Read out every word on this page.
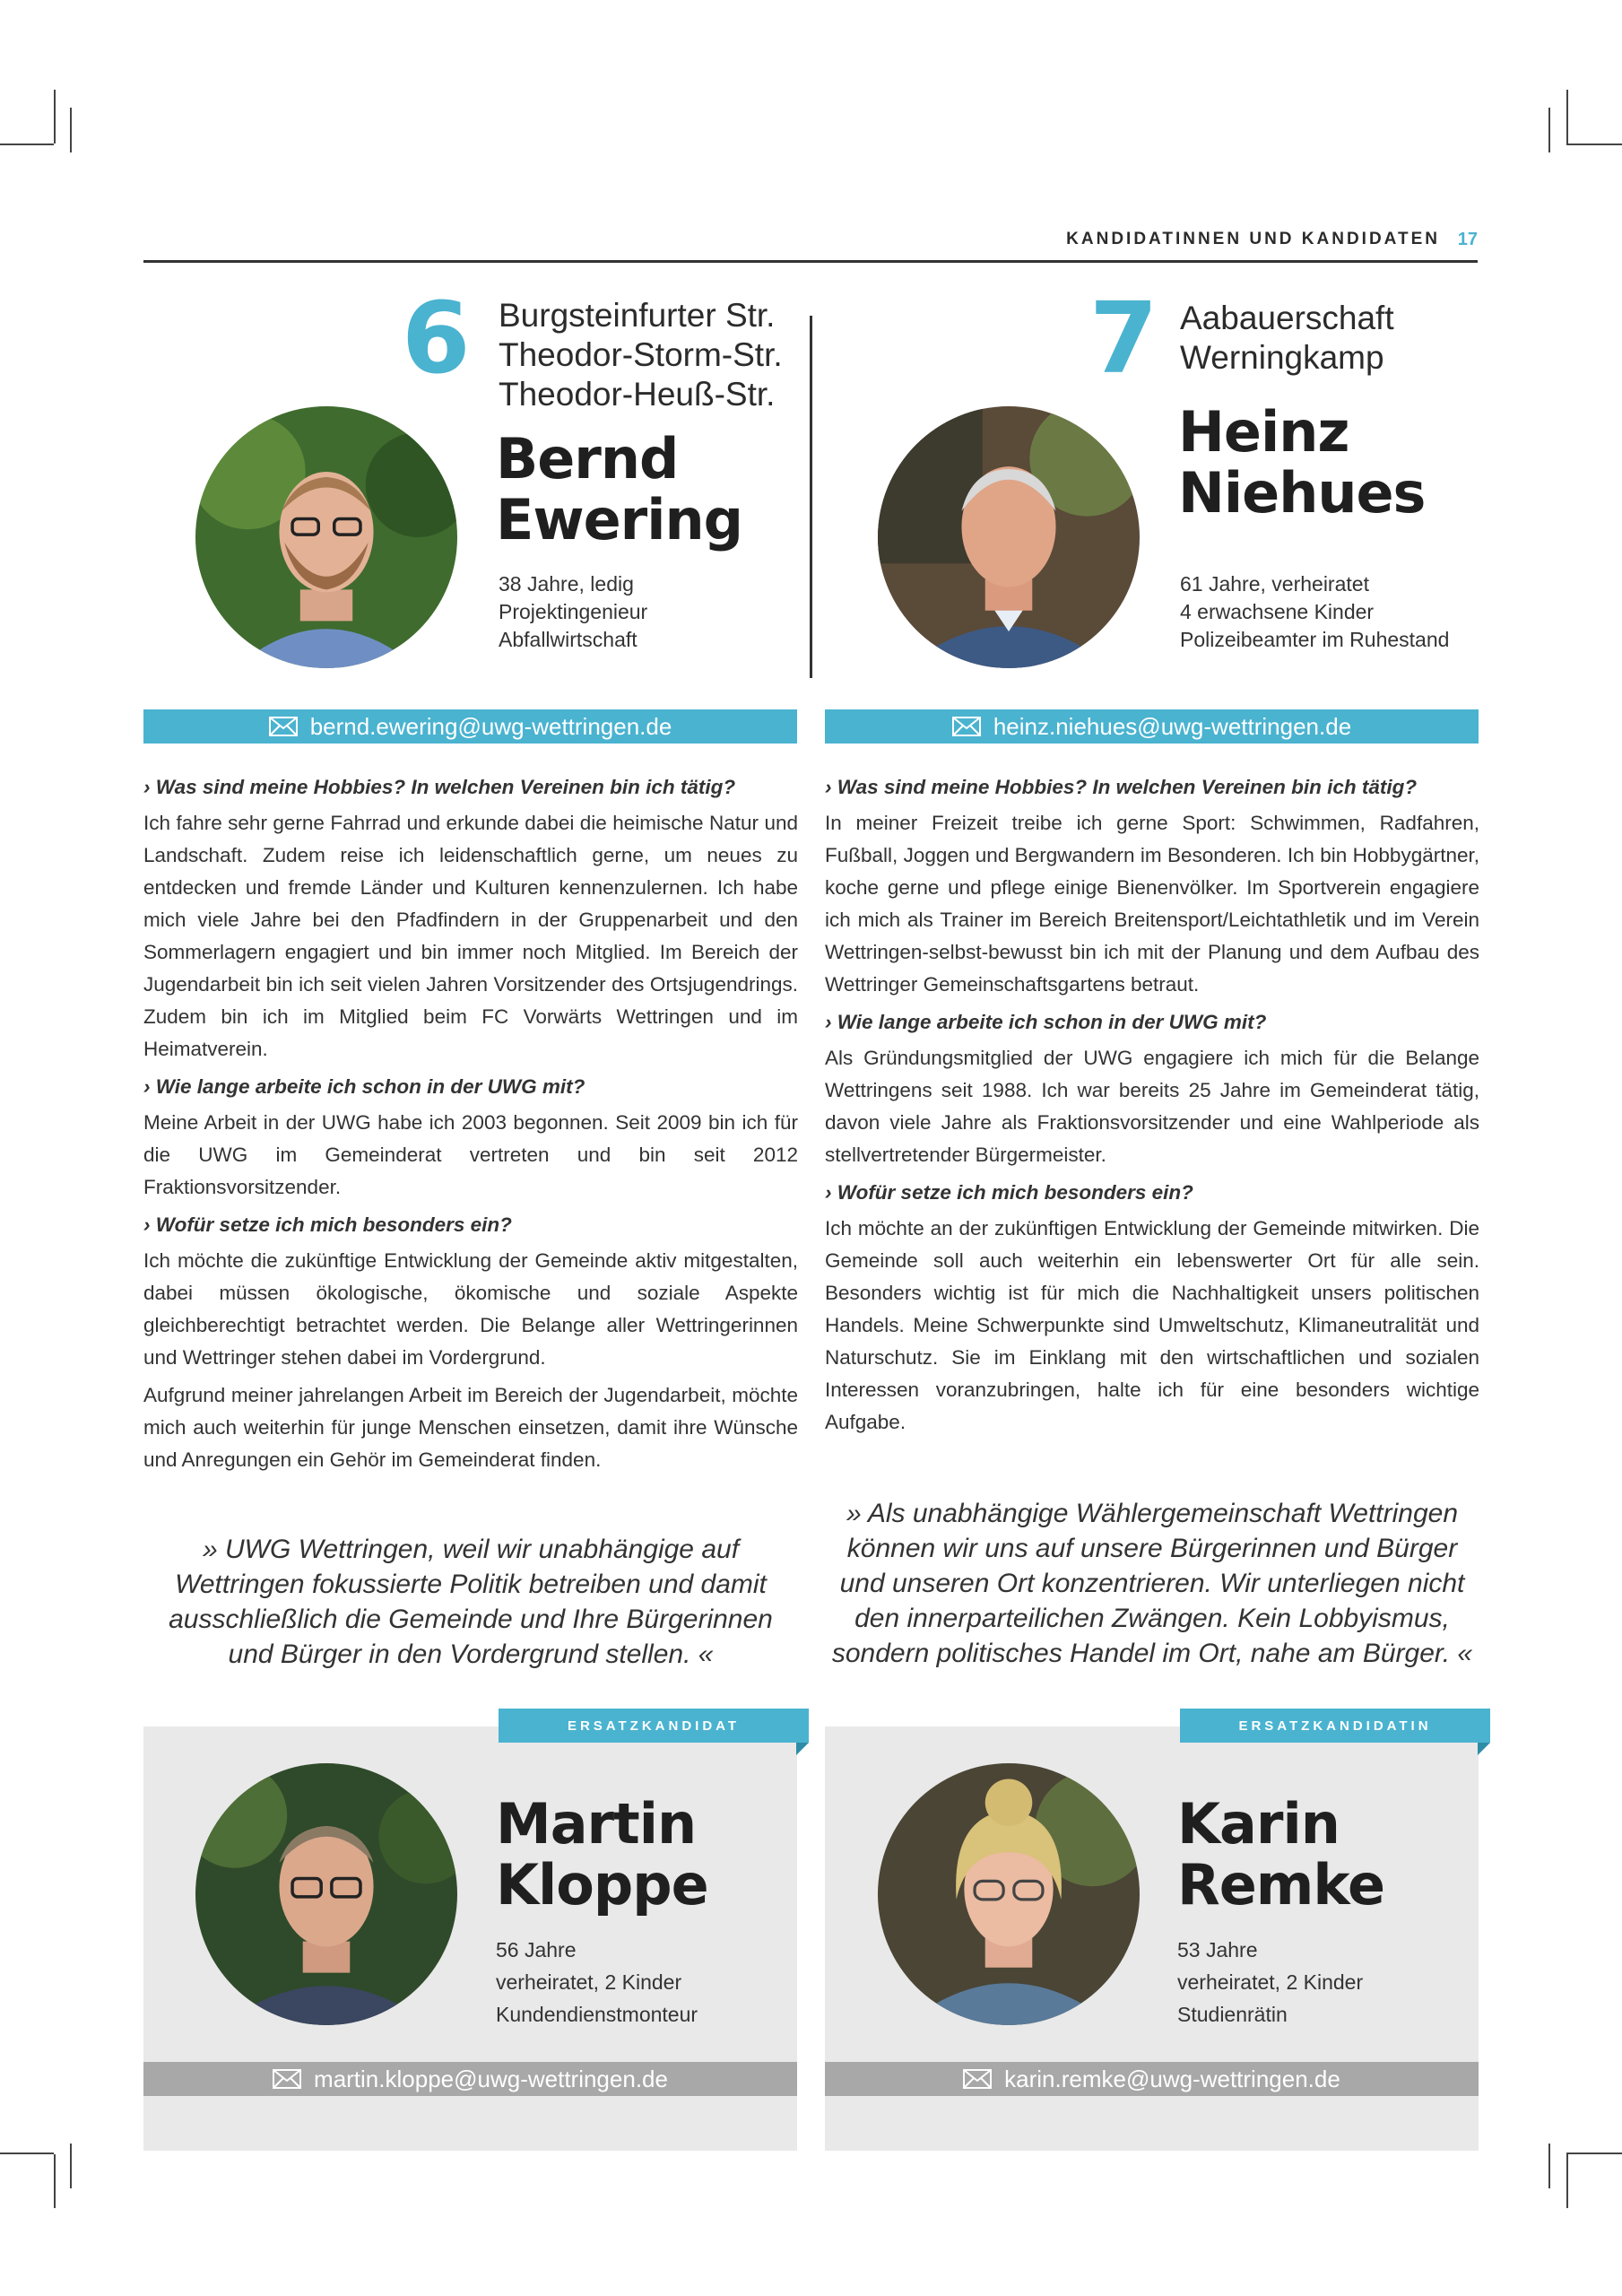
KANDIDATINNEN UND KANDIDATEN 17
6 Burgsteinfurter Str.
Theodor-Storm-Str.
Theodor-Heuß-Str.
Bernd
Ewering
38 Jahre, ledig
Projektingenieur
Abfallwirtschaft
7 Aabauerschaft
Werningkamp
Heinz
Niehues
61 Jahre, verheiratet
4 erwachsene Kinder
Polizeibeamter im Ruhestand
bernd.ewering@uwg-wettringen.de	heinz.niehues@uwg-wettringen.de
› Was sind meine Hobbies? In welchen Vereinen bin ich tätig?

Ich fahre sehr gerne Fahrrad und erkunde dabei die heimische Natur und Landschaft. Zudem reise ich leidenschaftlich gerne, um neues zu entdecken und fremde Länder und Kulturen kennenzulernen. Ich habe mich viele Jahre bei den Pfadfindern in der Gruppenarbeit und den Sommerlagern engagiert und bin immer noch Mitglied. Im Bereich der Jugendarbeit bin ich seit vielen Jahren Vorsitzender des Ortsjugendrings. Zudem bin ich im Mitglied beim FC Vorwärts Wettringen und im Heimatverein.

› Wie lange arbeite ich schon in der UWG mit?

Meine Arbeit in der UWG habe ich 2003 begonnen. Seit 2009 bin ich für die UWG im Gemeinderat vertreten und bin seit 2012 Fraktionsvorsitzender.

› Wofür setze ich mich besonders ein?

Ich möchte die zukünftige Entwicklung der Gemeinde aktiv mitgestalten, dabei müssen ökologische, ökomische und soziale Aspekte gleichberechtigt betrachtet werden. Die Belange aller Wettringerinnen und Wettringer stehen dabei im Vordergrund.

Aufgrund meiner jahrelangen Arbeit im Bereich der Jugendarbeit, möchte mich auch weiterhin für junge Menschen einsetzen, damit ihre Wünsche und Anregungen ein Gehör im Gemeinderat finden.

› Was sind meine Hobbies? In welchen Vereinen bin ich tätig?

In meiner Freizeit treibe ich gerne Sport: Schwimmen, Radfahren, Fußball, Joggen und Bergwandern im Besonderen. Ich bin Hobbygärtner, koche gerne und pflege einige Bienenvölker. Im Sportverein engagiere ich mich als Trainer im Bereich Breitensport/Leichtathletik und im Verein Wettringen-selbst-bewusst bin ich mit der Planung und dem Aufbau des Wettringer Gemeinschaftsgartens betraut.

› Wie lange arbeite ich schon in der UWG mit?

Als Gründungsmitglied der UWG engagiere ich mich für die Belange Wettringens seit 1988. Ich war bereits 25 Jahre im Gemeinderat tätig, davon viele Jahre als Fraktionsvorsitzender und eine Wahlperiode als stellvertretender Bürgermeister.

› Wofür setze ich mich besonders ein?

Ich möchte an der zukünftigen Entwicklung der Gemeinde mitwirken. Die Gemeinde soll auch weiterhin ein lebenswerter Ort für alle sein. Besonders wichtig ist für mich die Nachhaltigkeit unsers politischen Handels. Meine Schwerpunkte sind Umweltschutz, Klimaneutralität und Naturschutz. Sie im Einklang mit den wirtschaftlichen und sozialen Interessen voranzubringen, halte ich für eine besonders wichtige Aufgabe.

» UWG Wettringen, weil wir unabhängige auf Wettringen fokussierte Politik betreiben und damit ausschließlich die Gemeinde und Ihre Bürgerinnen und Bürger in den Vordergrund stellen. «
» Als unabhängige Wählergemeinschaft Wettringen können wir uns auf unsere Bürgerinnen und Bürger und unseren Ort konzentrieren. Wir unterliegen nicht den innerparteilichen Zwängen. Kein Lobbyismus, sondern politisches Handel im Ort, nahe am Bürger. «
ERSATZKANDIDAT	ERSATZKANDIDATIN
Martin
Kloppe
56 Jahre
verheiratet, 2 Kinder
Kundendienstmonteur
martin.kloppe@uwg-wettringen.de
Karin
Remke
53 Jahre
verheiratet, 2 Kinder
Studienrätin
karin.remke@uwg-wettringen.de
